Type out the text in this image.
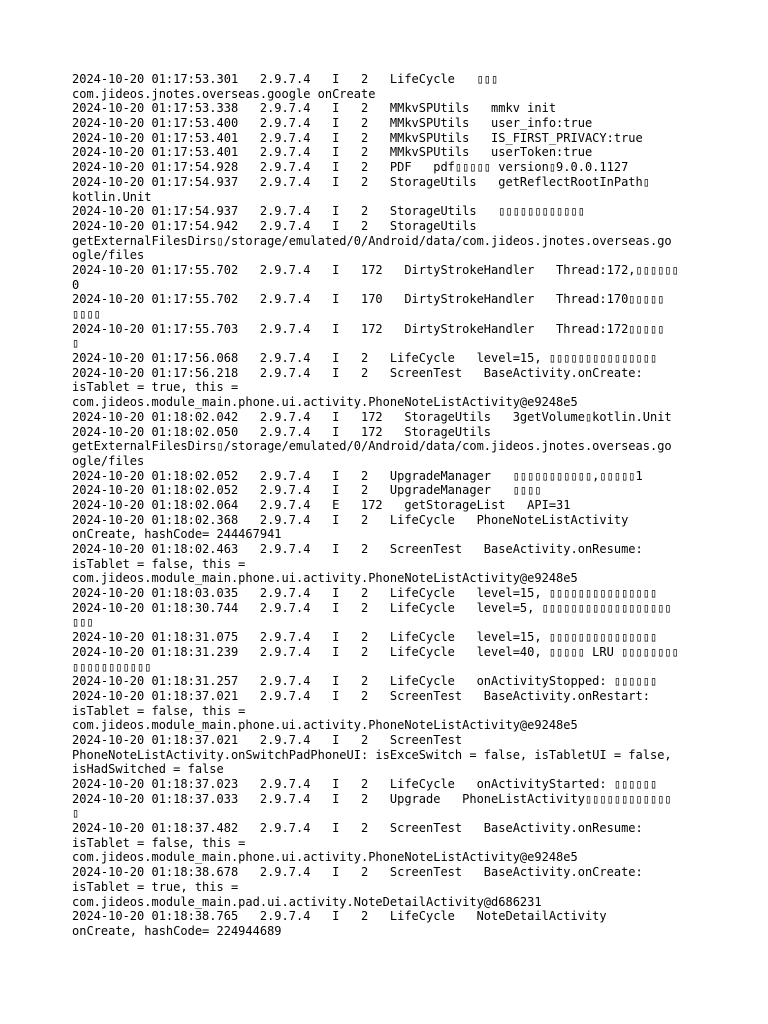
2024-10-20 01:17:53.301   2.9.7.4   I   2   LifeCycle   ▯▯▯
com.jideos.jnotes.overseas.google onCreate
2024-10-20 01:17:53.338   2.9.7.4   I   2   MMkvSPUtils   mmkv init
2024-10-20 01:17:53.400   2.9.7.4   I   2   MMkvSPUtils   user_info:true
2024-10-20 01:17:53.401   2.9.7.4   I   2   MMkvSPUtils   IS_FIRST_PRIVACY:true
2024-10-20 01:17:53.401   2.9.7.4   I   2   MMkvSPUtils   userToken:true
2024-10-20 01:17:54.928   2.9.7.4   I   2   PDF   pdf▯▯▯▯▯ version▯9.0.0.1127
2024-10-20 01:17:54.937   2.9.7.4   I   2   StorageUtils   getReflectRootInPath▯
kotlin.Unit
2024-10-20 01:17:54.937   2.9.7.4   I   2   StorageUtils   ▯▯▯▯▯▯▯▯▯▯▯▯
2024-10-20 01:17:54.942   2.9.7.4   I   2   StorageUtils
getExternalFilesDirs▯/storage/emulated/0/Android/data/com.jideos.jnotes.overseas.go
ogle/files
2024-10-20 01:17:55.702   2.9.7.4   I   172   DirtyStrokeHandler   Thread:172,▯▯▯▯▯▯
0
2024-10-20 01:17:55.702   2.9.7.4   I   170   DirtyStrokeHandler   Thread:170▯▯▯▯▯
▯▯▯▯
2024-10-20 01:17:55.703   2.9.7.4   I   172   DirtyStrokeHandler   Thread:172▯▯▯▯▯
▯
2024-10-20 01:17:56.068   2.9.7.4   I   2   LifeCycle   level=15, ▯▯▯▯▯▯▯▯▯▯▯▯▯▯▯
2024-10-20 01:17:56.218   2.9.7.4   I   2   ScreenTest   BaseActivity.onCreate:
isTablet = true, this =
com.jideos.module_main.phone.ui.activity.PhoneNoteListActivity@e9248e5
2024-10-20 01:18:02.042   2.9.7.4   I   172   StorageUtils   3getVolume▯kotlin.Unit
2024-10-20 01:18:02.050   2.9.7.4   I   172   StorageUtils
getExternalFilesDirs▯/storage/emulated/0/Android/data/com.jideos.jnotes.overseas.go
ogle/files
2024-10-20 01:18:02.052   2.9.7.4   I   2   UpgradeManager   ▯▯▯▯▯▯▯▯▯▯▯,▯▯▯▯▯1
2024-10-20 01:18:02.052   2.9.7.4   I   2   UpgradeManager   ▯▯▯▯
2024-10-20 01:18:02.064   2.9.7.4   E   172   getStorageList   API=31
2024-10-20 01:18:02.368   2.9.7.4   I   2   LifeCycle   PhoneNoteListActivity
onCreate, hashCode= 244467941
2024-10-20 01:18:02.463   2.9.7.4   I   2   ScreenTest   BaseActivity.onResume:
isTablet = false, this =
com.jideos.module_main.phone.ui.activity.PhoneNoteListActivity@e9248e5
2024-10-20 01:18:03.035   2.9.7.4   I   2   LifeCycle   level=15, ▯▯▯▯▯▯▯▯▯▯▯▯▯▯▯
2024-10-20 01:18:30.744   2.9.7.4   I   2   LifeCycle   level=5, ▯▯▯▯▯▯▯▯▯▯▯▯▯▯▯▯▯▯
▯▯▯
2024-10-20 01:18:31.075   2.9.7.4   I   2   LifeCycle   level=15, ▯▯▯▯▯▯▯▯▯▯▯▯▯▯▯
2024-10-20 01:18:31.239   2.9.7.4   I   2   LifeCycle   level=40, ▯▯▯▯▯ LRU ▯▯▯▯▯▯▯▯
▯▯▯▯▯▯▯▯▯▯▯
2024-10-20 01:18:31.257   2.9.7.4   I   2   LifeCycle   onActivityStopped: ▯▯▯▯▯▯
2024-10-20 01:18:37.021   2.9.7.4   I   2   ScreenTest   BaseActivity.onRestart:
isTablet = false, this =
com.jideos.module_main.phone.ui.activity.PhoneNoteListActivity@e9248e5
2024-10-20 01:18:37.021   2.9.7.4   I   2   ScreenTest
PhoneNoteListActivity.onSwitchPadPhoneUI: isExceSwitch = false, isTabletUI = false,
isHadSwitched = false
2024-10-20 01:18:37.023   2.9.7.4   I   2   LifeCycle   onActivityStarted: ▯▯▯▯▯▯
2024-10-20 01:18:37.033   2.9.7.4   I   2   Upgrade   PhoneListActivity▯▯▯▯▯▯▯▯▯▯▯▯
▯
2024-10-20 01:18:37.482   2.9.7.4   I   2   ScreenTest   BaseActivity.onResume:
isTablet = false, this =
com.jideos.module_main.phone.ui.activity.PhoneNoteListActivity@e9248e5
2024-10-20 01:18:38.678   2.9.7.4   I   2   ScreenTest   BaseActivity.onCreate:
isTablet = true, this =
com.jideos.module_main.pad.ui.activity.NoteDetailActivity@d686231
2024-10-20 01:18:38.765   2.9.7.4   I   2   LifeCycle   NoteDetailActivity
onCreate, hashCode= 224944689
